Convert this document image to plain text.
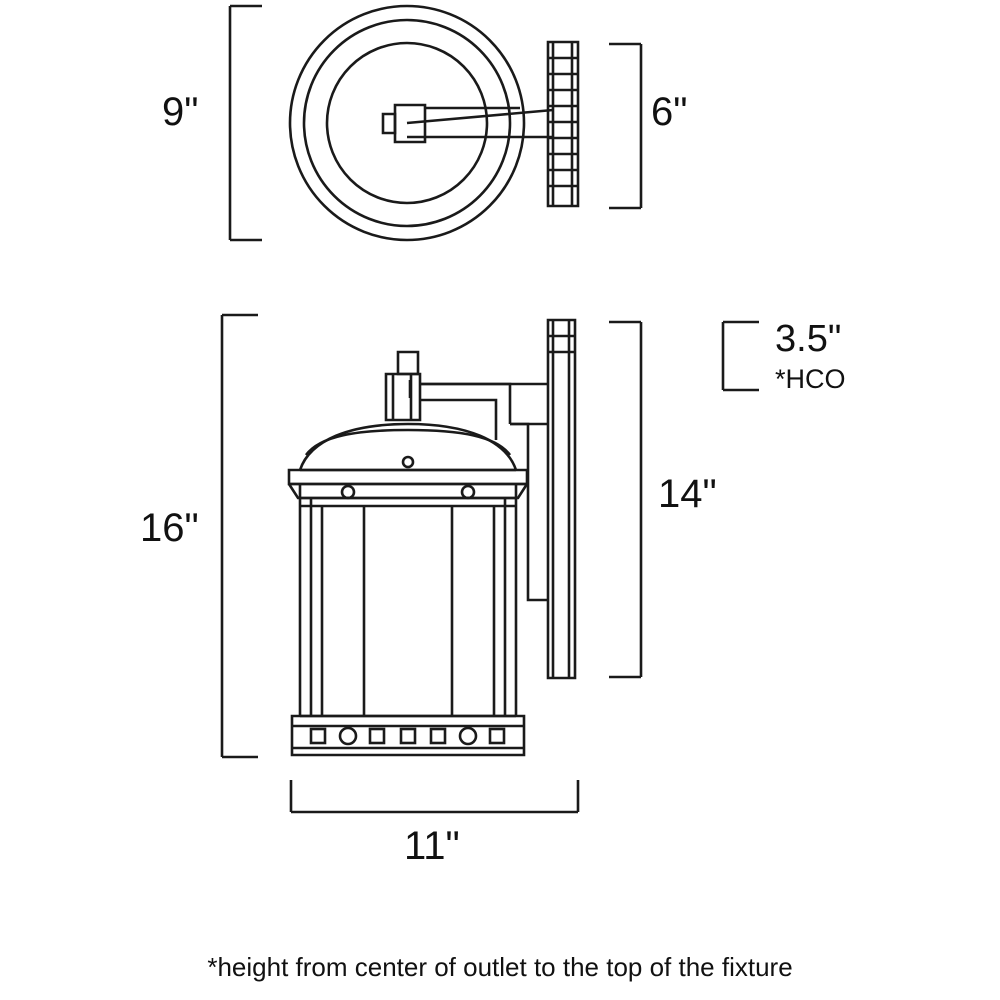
9"	6"
3.5"
*HCO
14"
16"
11"
*height from center of outlet to the top of the fixture
